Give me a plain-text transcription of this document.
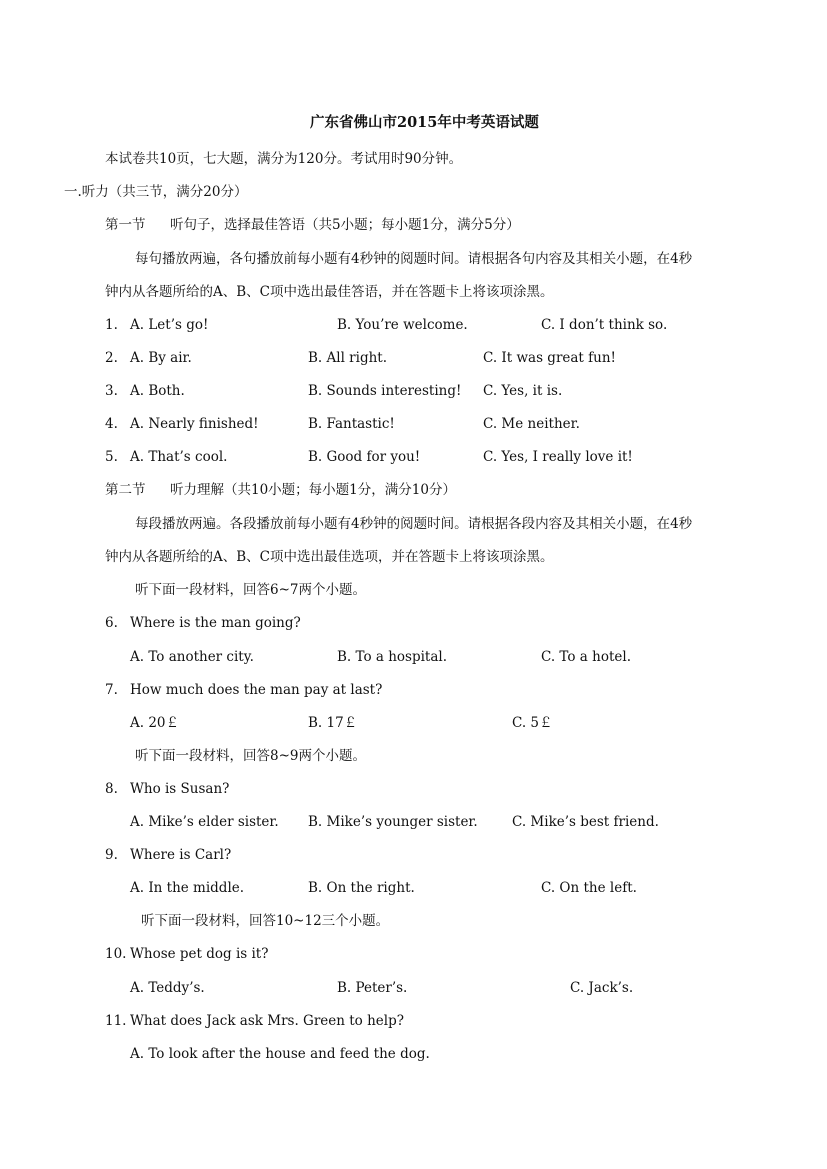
广东省佛山市2015年中考英语试题
本试卷共10页，七大题，满分为120分。考试用时90分钟。
一.听力（共三节，满分20分）
第一节 听句子，选择最佳答语（共5小题；每小题1分，满分5分）
每句播放两遍，各句播放前每小题有4秒钟的阅题时间。请根据各句内容及其相关小题，在4秒
钟内从各题所给的A、B、C项中选出最佳答语，并在答题卡上将该项涂黑。
1. A. Let’s go!	B. You’re welcome.	C. I don’t think so.
2. A. By air.	B. All right.	C. It was great fun!
3. A. Both.	B. Sounds interesting! C. Yes, it is.
4. A. Nearly finished!	B. Fantastic!	C. Me neither.
5. A. That’s cool.	B. Good for you!	C. Yes, I really love it!
第二节 听力理解（共10小题；每小题1分，满分10分）
每段播放两遍。各段播放前每小题有4秒钟的阅题时间。请根据各段内容及其相关小题，在4秒
钟内从各题所给的A、B、C项中选出最佳选项，并在答题卡上将该项涂黑。
听下面一段材料，回答6~7两个小题。
6. Where is the man going?
A. To another city.	B. To a hospital.	C. To a hotel.
7. How much does the man pay at last?
A. 20￡	B. 17￡	C. 5￡
听下面一段材料，回答8~9两个小题。
8. Who is Susan?
A. Mike’s elder sister. B. Mike’s younger sister.	C. Mike’s best friend.
9. Where is Carl?
A. In the middle.	B. On the right.	C. On the left.
听下面一段材料，回答10~12三个小题。
10. Whose pet dog is it?
A. Teddy’s.	B. Peter’s.	C. Jack’s.
11. What does Jack ask Mrs. Green to help?
A. To look after the house and feed the dog.
